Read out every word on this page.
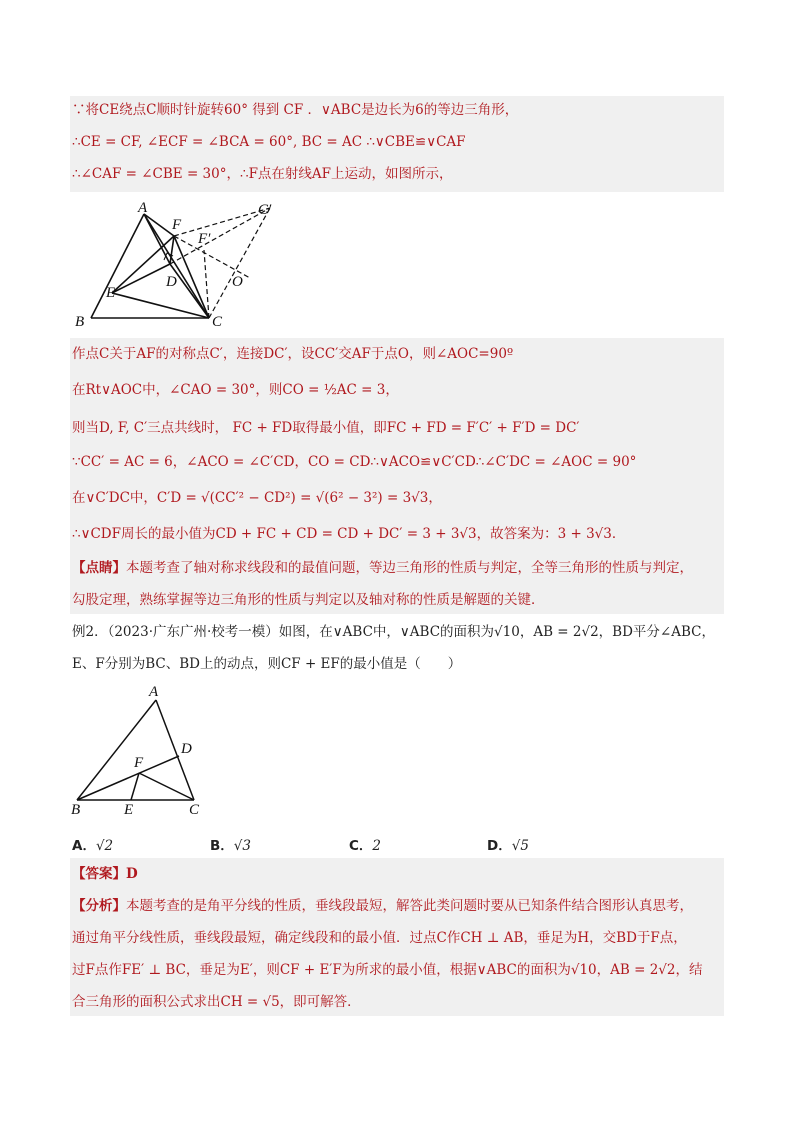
∵将CE绕点C顺时针旋转60° 得到 CF ．∨ABC是边长为6的等边三角形，
∴CE = CF, ∠ECF = ∠BCA = 60°, BC = AC ∴∨CBE≌∨CAF
∴∠CAF = ∠CBE = 30°，∴F点在射线AF上运动，如图所示，
A
F
C′
F′
D	O
E
B	C
作点C关于AF的对称点C′，连接DC′，设CC′交AF于点O，则∠AOC=90º
在Rt∨AOC中，∠CAO = 30°，则CO = ½AC = 3，
则当D, F, C′三点共线时， FC + FD取得最小值，即FC + FD = F′C′ + F′D = DC′
∵CC′ = AC = 6，∠ACO = ∠C′CD，CO = CD∴∨ACO≌∨C′CD∴∠C′DC = ∠AOC = 90°
在∨C′DC中，C′D = √(CC′² − CD²) = √(6² − 3²) = 3√3，
∴∨CDF周长的最小值为CD + FC + CD = CD + DC′ = 3 + 3√3，故答案为：3 + 3√3．
【点睛】本题考查了轴对称求线段和的最值问题，等边三角形的性质与判定，全等三角形的性质与判定，
勾股定理，熟练掌握等边三角形的性质与判定以及轴对称的性质是解题的关键．
例2．（2023·广东广州·校考一模）如图，在∨ABC中，∨ABC的面积为√10，AB = 2√2，BD平分∠ABC，
E、F分别为BC、BD上的动点，则CF + EF的最小值是（　　）
A
D
F
B	E	C
A．√2	B．√3	C．2	D．√5
【答案】D
【分析】本题考查的是角平分线的性质，垂线段最短，解答此类问题时要从已知条件结合图形认真思考，
通过角平分线性质，垂线段最短，确定线段和的最小值．过点C作CH ⊥ AB，垂足为H，交BD于F点，
过F点作FE′ ⊥ BC，垂足为E′，则CF + E′F为所求的最小值，根据∨ABC的面积为√10，AB = 2√2，结
合三角形的面积公式求出CH = √5，即可解答．
